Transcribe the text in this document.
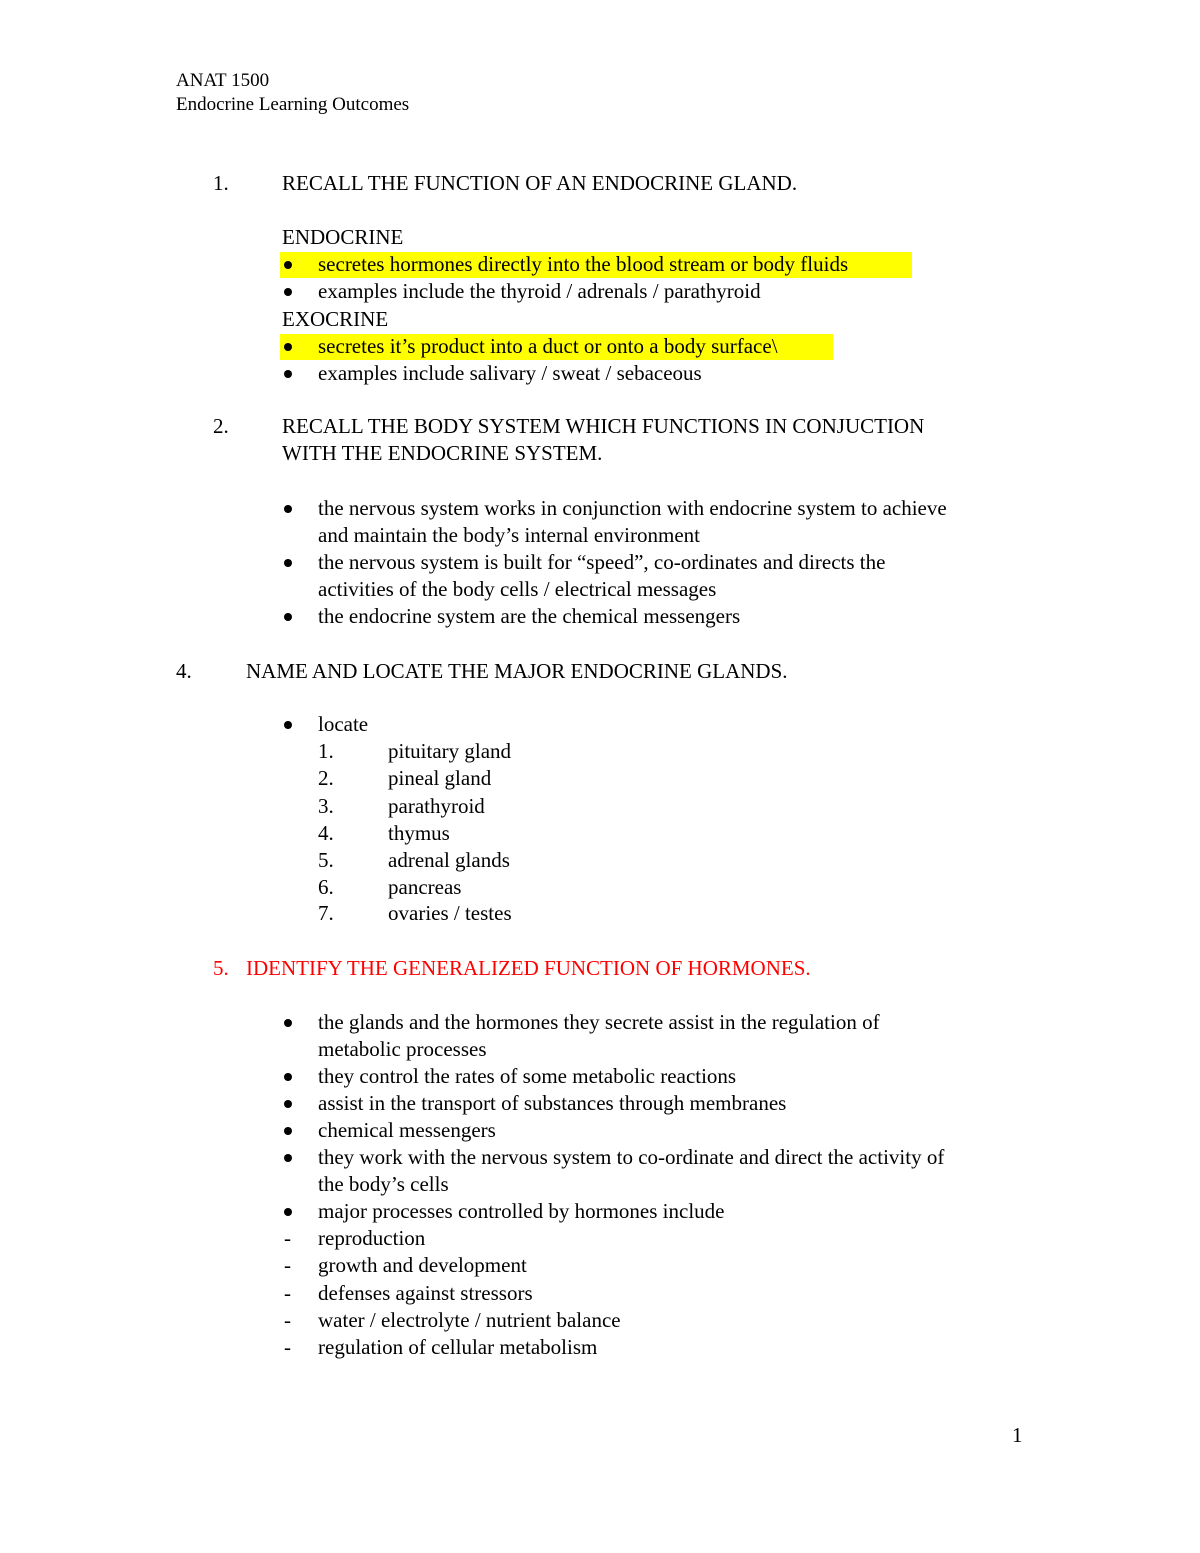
ANAT 1500
Endocrine Learning Outcomes
1.	RECALL THE FUNCTION OF AN ENDOCRINE GLAND.
ENDOCRINE
secretes hormones directly into the blood stream or body fluids
examples include the thyroid / adrenals / parathyroid
EXOCRINE
secretes it’s product into a duct or onto a body surface\
examples include salivary / sweat / sebaceous
2.	RECALL THE BODY SYSTEM WHICH FUNCTIONS IN CONJUCTION
WITH THE ENDOCRINE SYSTEM.
the nervous system works in conjunction with endocrine system to achieve
and maintain the body’s internal environment
the nervous system is built for “speed”, co-ordinates and directs the
activities of the body cells / electrical messages
the endocrine system are the chemical messengers
4.	NAME AND LOCATE THE MAJOR ENDOCRINE GLANDS.
locate
1.	pituitary gland
2.	pineal gland
3.	parathyroid
4.	thymus
5.	adrenal glands
6.	pancreas
7.	ovaries / testes
5. IDENTIFY THE GENERALIZED FUNCTION OF HORMONES.
the glands and the hormones they secrete assist in the regulation of
metabolic processes
they control the rates of some metabolic reactions
assist in the transport of substances through membranes
chemical messengers
they work with the nervous system to co-ordinate and direct the activity of
the body’s cells
major processes controlled by hormones include
- reproduction
- growth and development
- defenses against stressors
- water / electrolyte / nutrient balance
- regulation of cellular metabolism
1
